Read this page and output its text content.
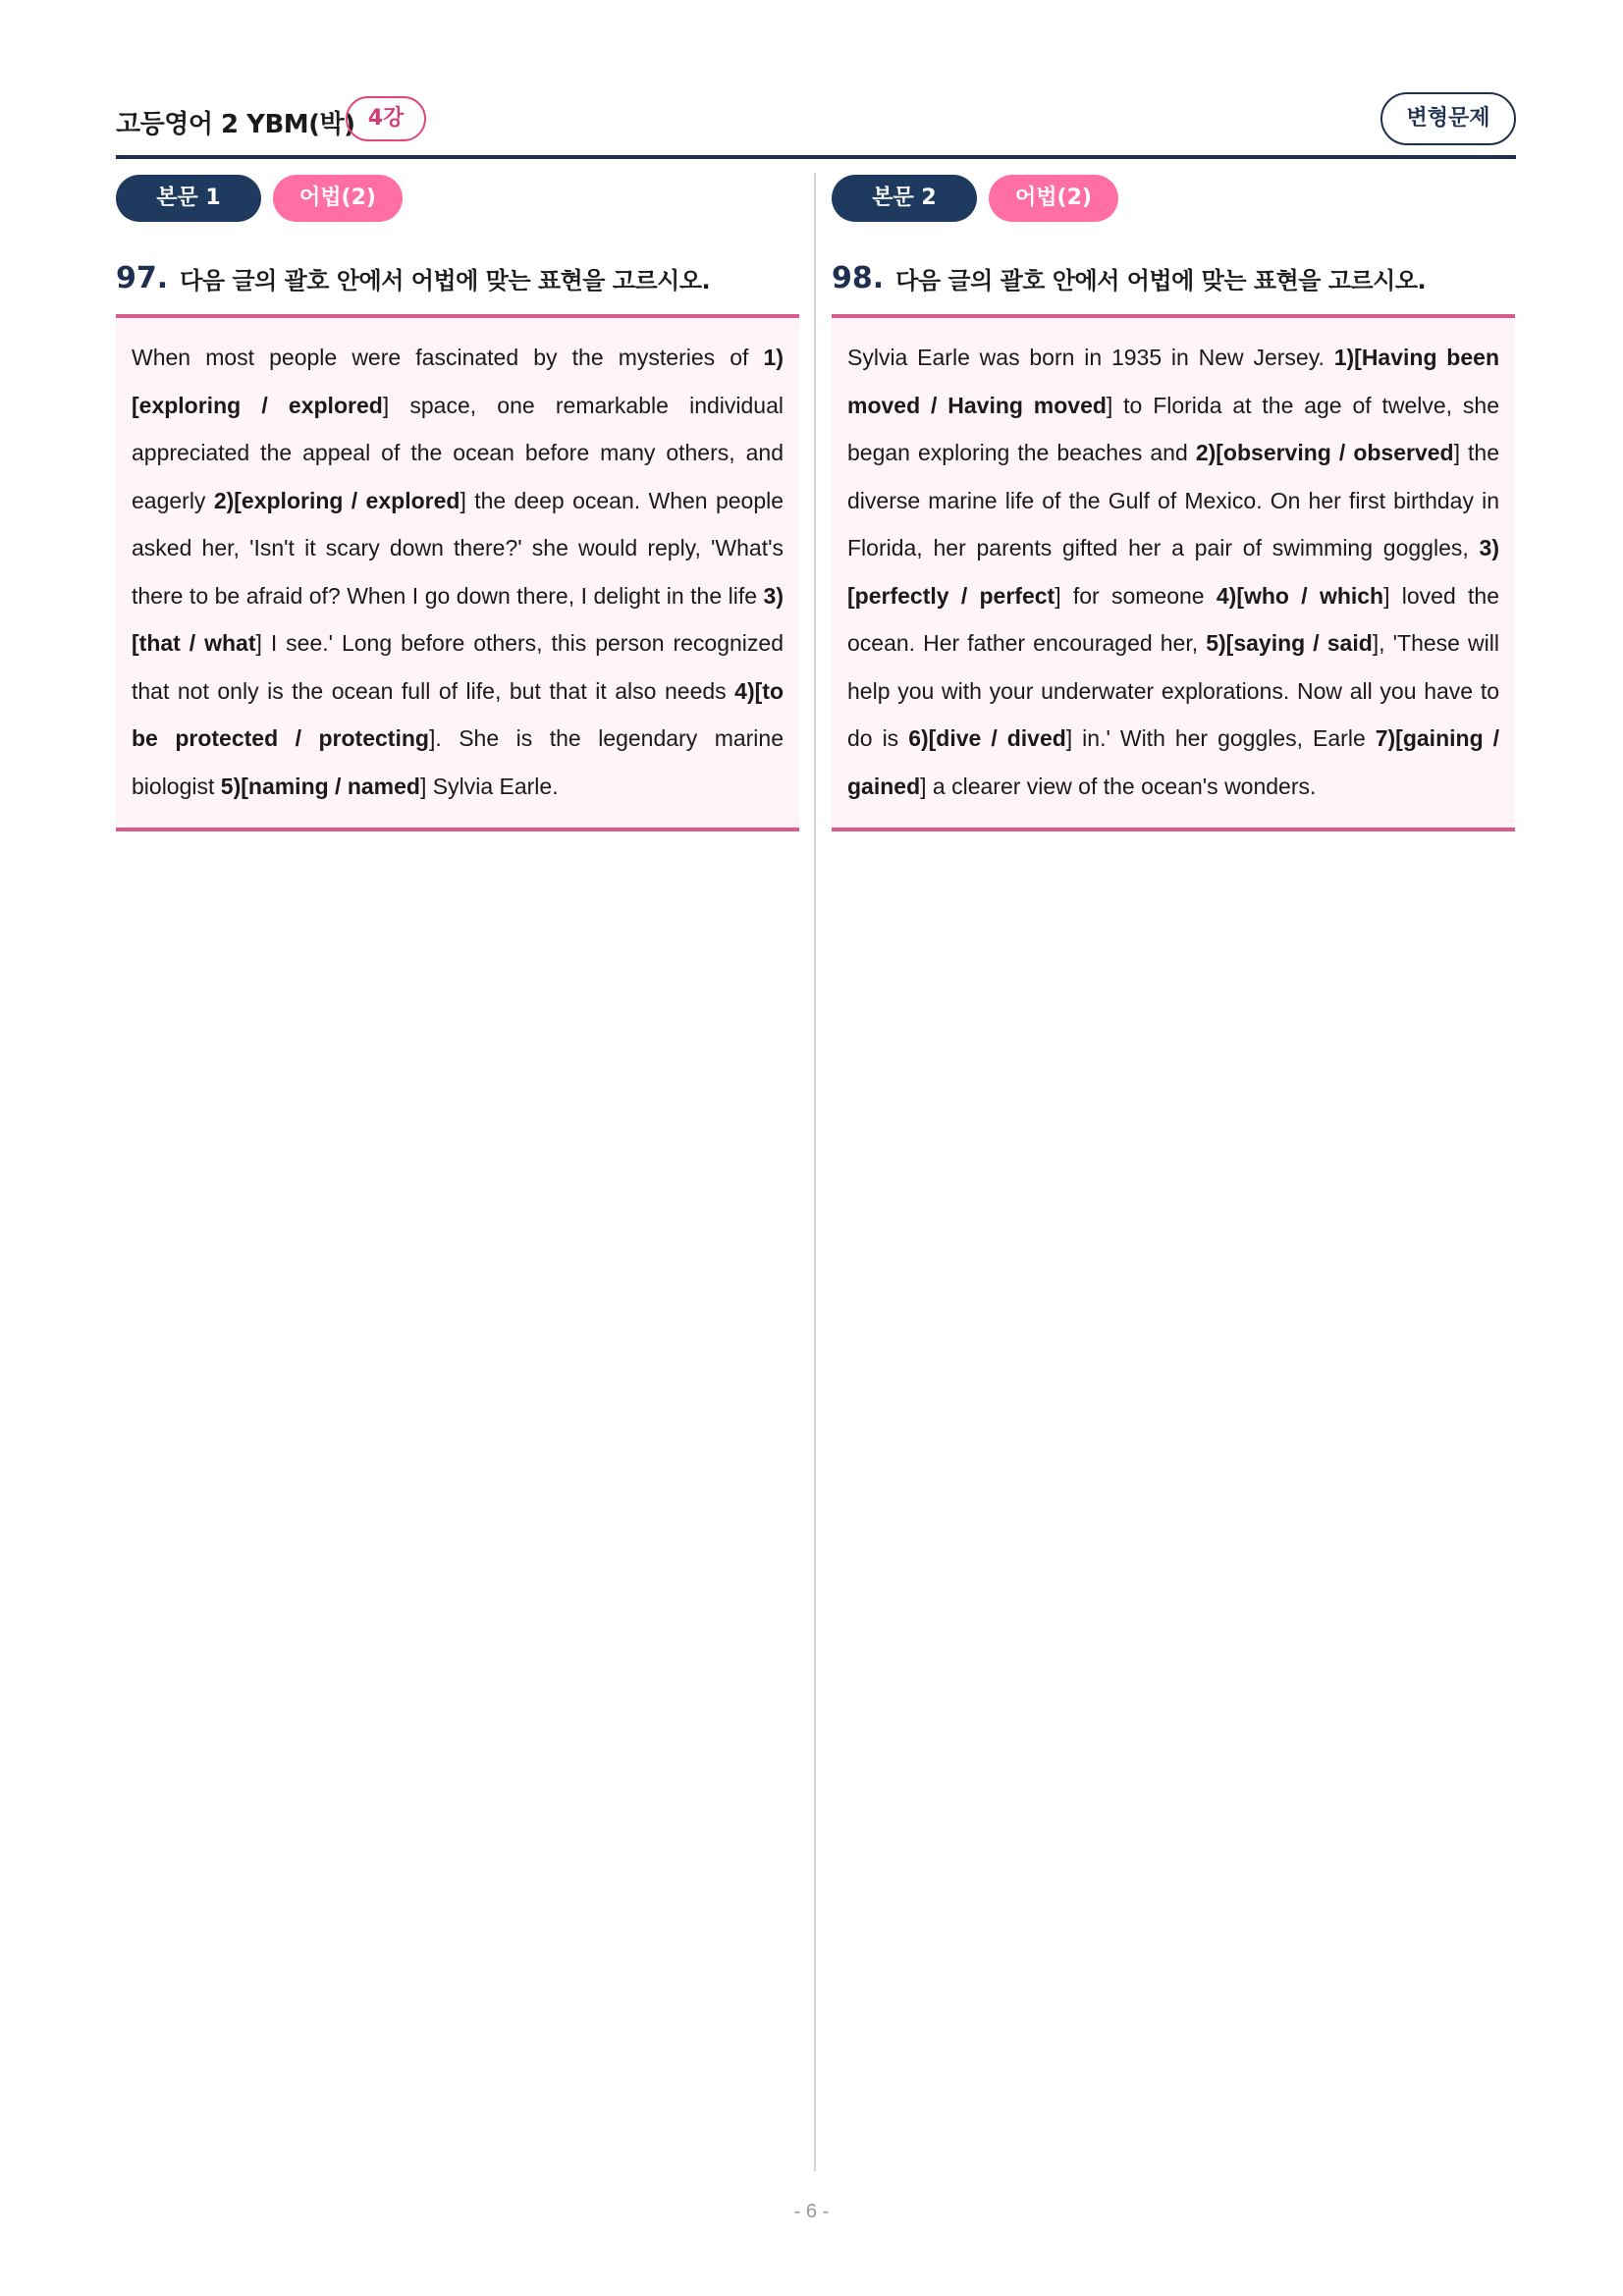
고등영어 2 YBM(박) 4강	변형문제
본문 1	어법(2)
97. 다음 글의 괄호 안에서 어법에 맞는 표현을 고르시오.

When most people were fascinated by the mysteries of 1)[exploring / explored] space, one remarkable individual appreciated the appeal of the ocean before many others, and eagerly 2)[exploring / explored] the deep ocean. When people asked her, 'Isn't it scary down there?' she would reply, 'What's there to be afraid of? When I go down there, I delight in the life 3)[that / what] I see.' Long before others, this person recognized that not only is the ocean full of life, but that it also needs 4)[to be protected / protecting]. She is the legendary marine biologist 5)[naming / named] Sylvia Earle.

본문 2	어법(2)
98. 다음 글의 괄호 안에서 어법에 맞는 표현을 고르시오.

Sylvia Earle was born in 1935 in New Jersey. 1)[Having been moved / Having moved] to Florida at the age of twelve, she began exploring the beaches and 2)[observing / observed] the diverse marine life of the Gulf of Mexico. On her first birthday in Florida, her parents gifted her a pair of swimming goggles, 3)[perfectly / perfect] for someone 4)[who / which] loved the ocean. Her father encouraged her, 5)[saying / said], 'These will help you with your underwater explorations. Now all you have to do is 6)[dive / dived] in.' With her goggles, Earle 7)[gaining / gained] a clearer view of the ocean's wonders.

- 6 -
